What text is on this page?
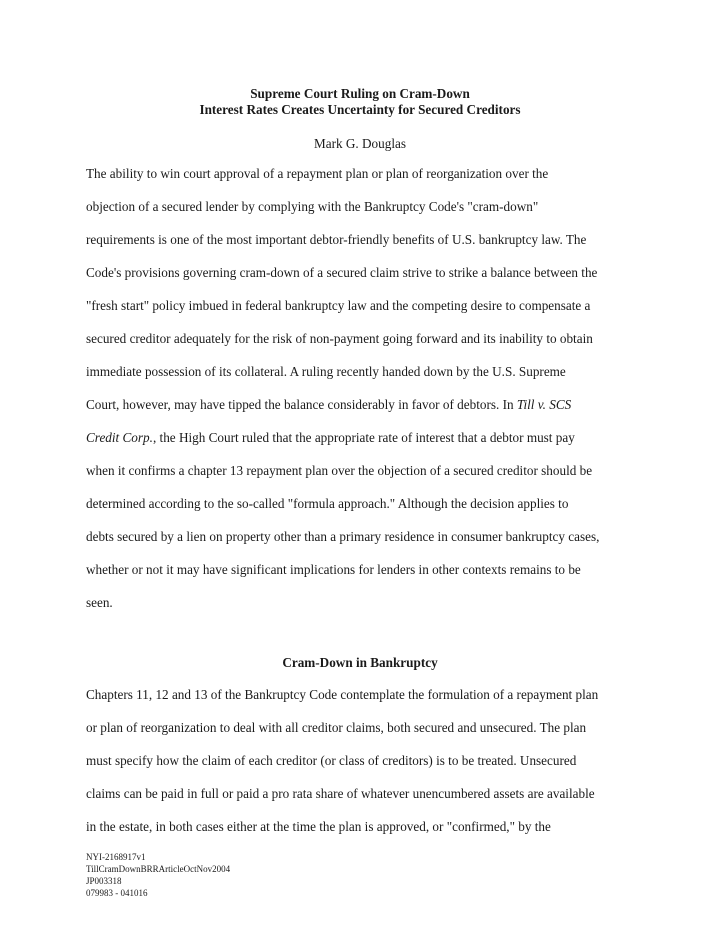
Supreme Court Ruling on Cram-Down
Interest Rates Creates Uncertainty for Secured Creditors
Mark G. Douglas
The ability to win court approval of a repayment plan or plan of reorganization over the
objection of a secured lender by complying with the Bankruptcy Code's "cram-down"
requirements is one of the most important debtor-friendly benefits of U.S. bankruptcy law. The
Code's provisions governing cram-down of a secured claim strive to strike a balance between the
"fresh start" policy imbued in federal bankruptcy law and the competing desire to compensate a
secured creditor adequately for the risk of non-payment going forward and its inability to obtain
immediate possession of its collateral. A ruling recently handed down by the U.S. Supreme
Court, however, may have tipped the balance considerably in favor of debtors. In Till v. SCS
Credit Corp., the High Court ruled that the appropriate rate of interest that a debtor must pay
when it confirms a chapter 13 repayment plan over the objection of a secured creditor should be
determined according to the so-called "formula approach." Although the decision applies to
debts secured by a lien on property other than a primary residence in consumer bankruptcy cases,
whether or not it may have significant implications for lenders in other contexts remains to be
seen.
Cram-Down in Bankruptcy
Chapters 11, 12 and 13 of the Bankruptcy Code contemplate the formulation of a repayment plan
or plan of reorganization to deal with all creditor claims, both secured and unsecured. The plan
must specify how the claim of each creditor (or class of creditors) is to be treated. Unsecured
claims can be paid in full or paid a pro rata share of whatever unencumbered assets are available
in the estate, in both cases either at the time the plan is approved, or "confirmed," by the
NYI-2168917v1
TillCramDownBRRArticleOctNov2004
JP003318
079983 - 041016
